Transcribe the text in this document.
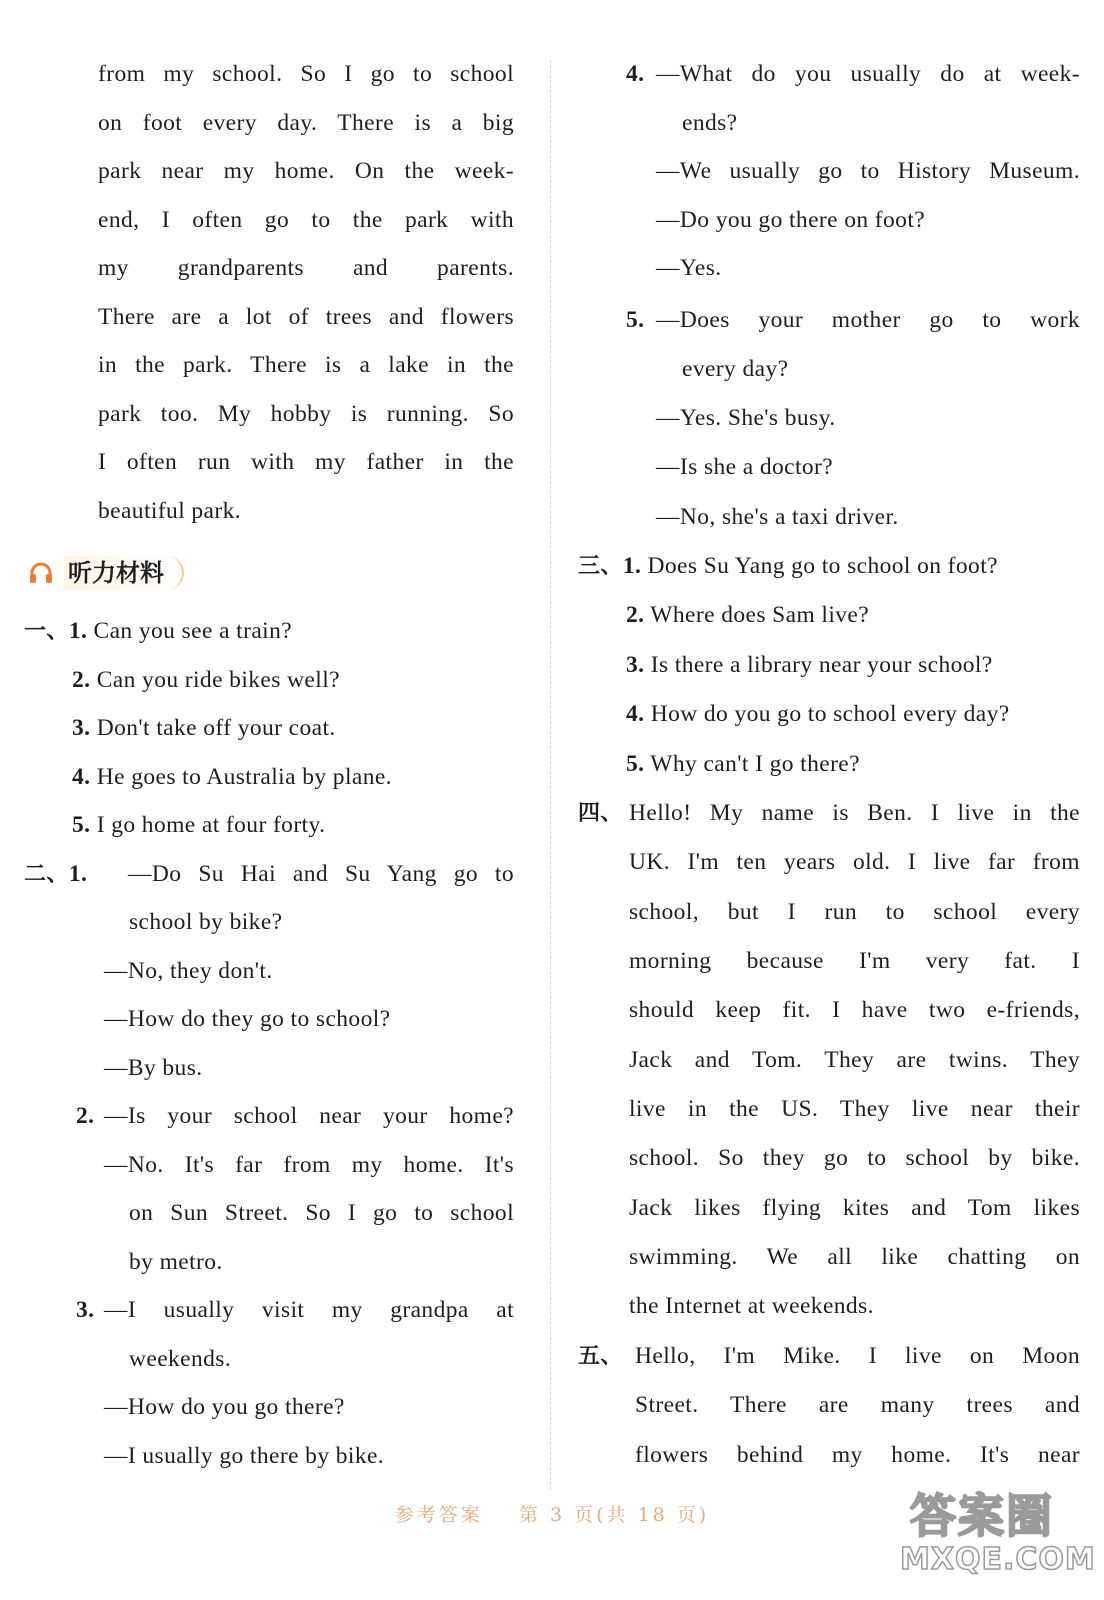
from my school. So I go to school
on foot every day. There is a big
park near my home. On the week-
end, I often go to the park with
my grandparents and parents.
There are a lot of trees and flowers
in the park. There is a lake in the
park too. My hobby is running. So
I often run with my father in the
beautiful park.
听力材料
一、1. Can you see a train?
2. Can you ride bikes well?
3. Don't take off your coat.
4. He goes to Australia by plane.
5. I go home at four forty.
二、1.	—Do Su Hai and Su Yang go to
school by bike?
—No, they don't.
—How do they go to school?
—By bus.
2. —Is your school near your home?
—No. It's far from my home. It's
on Sun Street. So I go to school
by metro.
3. —I usually visit my grandpa at
weekends.
—How do you go there?
—I usually go there by bike.
4. —What do you usually do at week-
ends?
—We usually go to History Museum.
—Do you go there on foot?
—Yes.
5. —Does your mother go to work
every day?
—Yes. She's busy.
—Is she a doctor?
—No, she's a taxi driver.
三、1. Does Su Yang go to school on foot?
2. Where does Sam live?
3. Is there a library near your school?
4. How do you go to school every day?
5. Why can't I go there?
四、 Hello! My name is Ben. I live in the
UK. I'm ten years old. I live far from
school, but I run to school every
morning because I'm very fat. I
should keep fit. I have two e-friends,
Jack and Tom. They are twins. They
live in the US. They live near their
school. So they go to school by bike.
Jack likes flying kites and Tom likes
swimming. We all like chatting on
the Internet at weekends.
五、 Hello, I'm Mike. I live on Moon
Street. There are many trees and
flowers behind my home. It's near
参考答案 第 3 页(共 18 页)	答案圈
MXQE.COM
